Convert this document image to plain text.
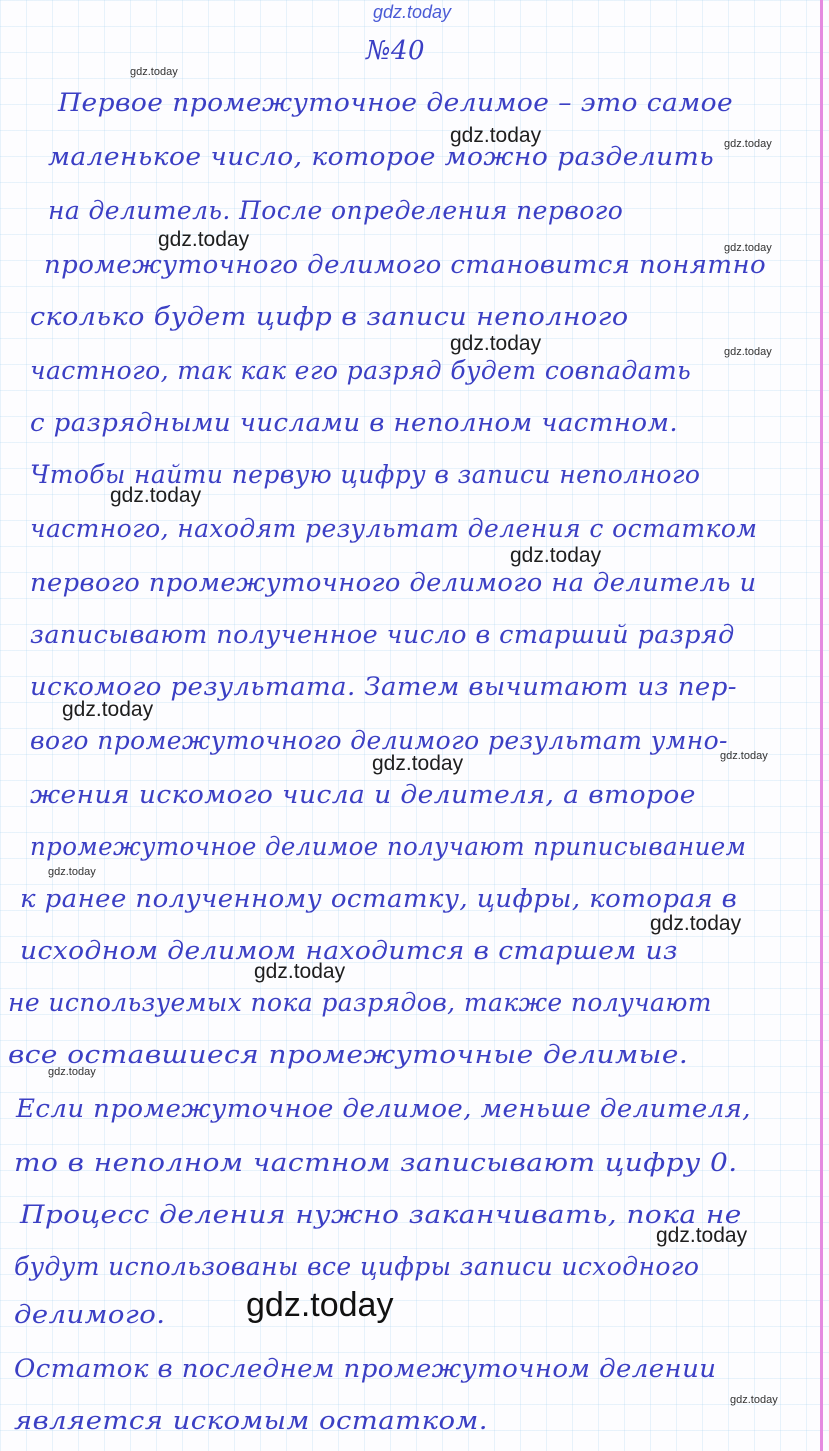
gdz.today
№40
Первое промежуточное делимое – это самое
маленькое число, которое можно разделить
на делитель. После определения первого
промежуточного делимого становится понятно
сколько будет цифр в записи неполного
частного, так как его разряд будет совпадать
с разрядными числами в неполном частном.
Чтобы найти первую цифру в записи неполного
частного, находят результат деления с остатком
первого промежуточного делимого на делитель и
записывают полученное число в старший разряд
искомого результата. Затем вычитают из пер-
вого промежуточного делимого результат умно-
жения искомого числа и делителя, а второе
промежуточное делимое получают приписыванием
к ранее полученному остатку, цифры, которая в
исходном делимом находится в старшем из
не используемых пока разрядов, также получают
все оставшиеся промежуточные делимые.
Если промежуточное делимое, меньше делителя,
то в неполном частном записывают цифру 0.
Процесс деления нужно заканчивать, пока не
будут использованы все цифры записи исходного
делимого.
Остаток в последнем промежуточном делении
является искомым остатком.
gdz.today
gdz.today
gdz.today
gdz.today
gdz.today
gdz.today
gdz.today
gdz.today
gdz.today
gdz.today
gdz.today
gdz.today
gdz.today
gdz.today
gdz.today
gdz.today
gdz.today
gdz.today
gdz.today
